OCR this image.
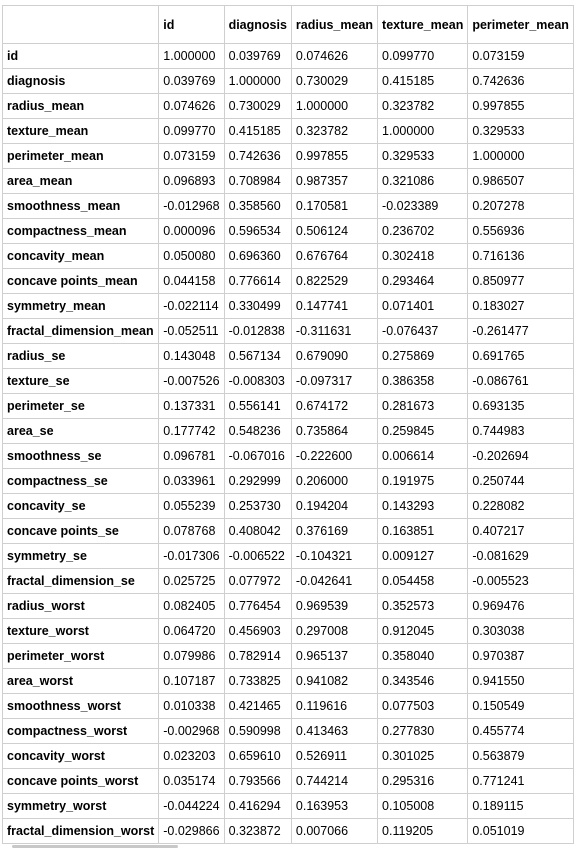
	id	diagnosis	radius_mean	texture_mean	perimeter_mean
id	1.000000	0.039769	0.074626	0.099770	0.073159
diagnosis	0.039769	1.000000	0.730029	0.415185	0.742636
radius_mean	0.074626	0.730029	1.000000	0.323782	0.997855
texture_mean	0.099770	0.415185	0.323782	1.000000	0.329533
perimeter_mean	0.073159	0.742636	0.997855	0.329533	1.000000
area_mean	0.096893	0.708984	0.987357	0.321086	0.986507
smoothness_mean	-0.012968	0.358560	0.170581	-0.023389	0.207278
compactness_mean	0.000096	0.596534	0.506124	0.236702	0.556936
concavity_mean	0.050080	0.696360	0.676764	0.302418	0.716136
concave points_mean	0.044158	0.776614	0.822529	0.293464	0.850977
symmetry_mean	-0.022114	0.330499	0.147741	0.071401	0.183027
fractal_dimension_mean	-0.052511	-0.012838	-0.311631	-0.076437	-0.261477
radius_se	0.143048	0.567134	0.679090	0.275869	0.691765
texture_se	-0.007526	-0.008303	-0.097317	0.386358	-0.086761
perimeter_se	0.137331	0.556141	0.674172	0.281673	0.693135
area_se	0.177742	0.548236	0.735864	0.259845	0.744983
smoothness_se	0.096781	-0.067016	-0.222600	0.006614	-0.202694
compactness_se	0.033961	0.292999	0.206000	0.191975	0.250744
concavity_se	0.055239	0.253730	0.194204	0.143293	0.228082
concave points_se	0.078768	0.408042	0.376169	0.163851	0.407217
symmetry_se	-0.017306	-0.006522	-0.104321	0.009127	-0.081629
fractal_dimension_se	0.025725	0.077972	-0.042641	0.054458	-0.005523
radius_worst	0.082405	0.776454	0.969539	0.352573	0.969476
texture_worst	0.064720	0.456903	0.297008	0.912045	0.303038
perimeter_worst	0.079986	0.782914	0.965137	0.358040	0.970387
area_worst	0.107187	0.733825	0.941082	0.343546	0.941550
smoothness_worst	0.010338	0.421465	0.119616	0.077503	0.150549
compactness_worst	-0.002968	0.590998	0.413463	0.277830	0.455774
concavity_worst	0.023203	0.659610	0.526911	0.301025	0.563879
concave points_worst	0.035174	0.793566	0.744214	0.295316	0.771241
symmetry_worst	-0.044224	0.416294	0.163953	0.105008	0.189115
fractal_dimension_worst	-0.029866	0.323872	0.007066	0.119205	0.051019
